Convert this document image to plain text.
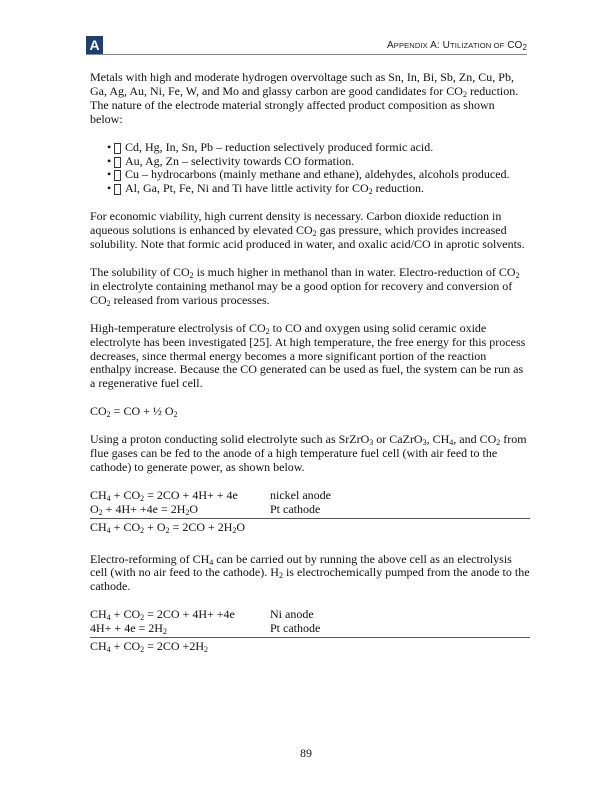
A	APPENDIX A: UTILIZATION OF $CO_2$

Metals with high and moderate hydrogen overvoltage such as Sn, In, Bi, Sb, Zn, Cu, Pb, Ga, Ag, Au, Ni, Fe, W, and Mo and glassy carbon are good candidates for $CO_2$ reduction. The nature of the electrode material strongly affected product composition as shown below:

• Cd, Hg, In, Sn, Pb – reduction selectively produced formic acid.
• Au, Ag, Zn – selectivity towards CO formation.
• Cu – hydrocarbons (mainly methane and ethane), aldehydes, alcohols produced.
• Al, Ga, Pt, Fe, Ni and Ti have little activity for $CO_2$ reduction.

For economic viability, high current density is necessary. Carbon dioxide reduction in aqueous solutions is enhanced by elevated $CO_2$ gas pressure, which provides increased solubility. Note that formic acid produced in water, and oxalic acid/CO in aprotic solvents.

The solubility of $CO_2$ is much higher in methanol than in water. Electro-reduction of $CO_2$ in electrolyte containing methanol may be a good option for recovery and conversion of $CO_2$ released from various processes.

High-temperature electrolysis of $CO_2$ to CO and oxygen using solid ceramic oxide electrolyte has been investigated [25]. At high temperature, the free energy for this process decreases, since thermal energy becomes a more significant portion of the reaction enthalpy increase. Because the CO generated can be used as fuel, the system can be run as a regenerative fuel cell.

$CO_2$ = CO + ½ $O_2$

Using a proton conducting solid electrolyte such as SrZrO$_3$ or CaZrO$_3$, $CH_4$, and $CO_2$ from flue gases can be fed to the anode of a high temperature fuel cell (with air feed to the cathode) to generate power, as shown below.

$CH_4 + CO_2 = 2CO + 4H+ + 4e$	nickel anode
$O_2 + 4H+ +4e = 2H_2O$	Pt cathode
$CH_4 + CO_2 + O_2 = 2CO + 2H_2O$

Electro-reforming of $CH_4$ can be carried out by running the above cell as an electrolysis cell (with no air feed to the cathode). $H_2$ is electrochemically pumped from the anode to the cathode.

$CH_4 + CO_2 = 2CO + 4H+ +4e$	Ni anode
$4H+ + 4e = 2H_2$	Pt cathode
$CH_4 + CO_2 = 2CO +2H_2$
89
